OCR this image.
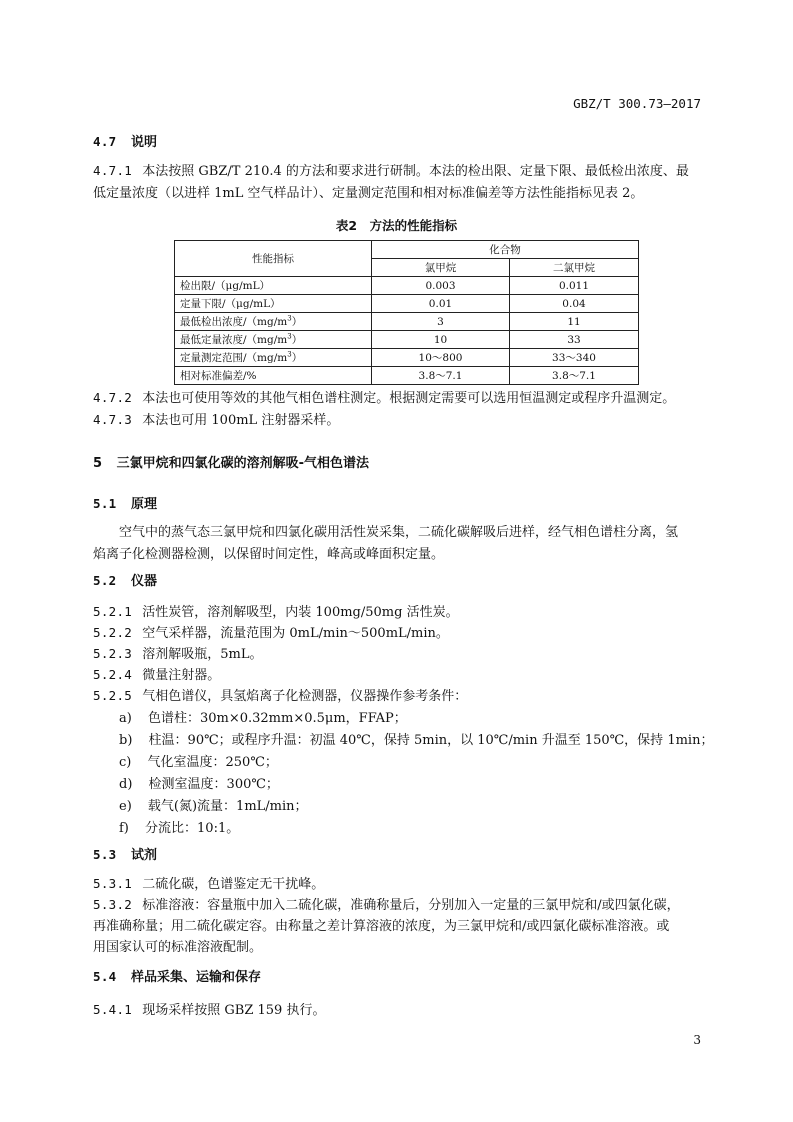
GBZ/T 300.73—2017
4.7 说明
4.7.1 本法按照 GBZ/T 210.4 的方法和要求进行研制。本法的检出限、定量下限、最低检出浓度、最
低定量浓度（以进样 1mL 空气样品计）、定量测定范围和相对标准偏差等方法性能指标见表 2。
表2　方法的性能指标
性能指标	化合物	
	氯甲烷	二氯甲烷
检出限/（μg/mL）	0.003	0.011
定量下限/（μg/mL）	0.01	0.04
最低检出浓度$/(mg/m^3)$	3	11
最低定量浓度$/(mg/m^3)$	10	33
定量测定范围$/(mg/m^3)$	10～800	33～340
相对标准偏差/%	3.8～7.1	3.8～7.1
4.7.2 本法也可使用等效的其他气相色谱柱测定。根据测定需要可以选用恒温测定或程序升温测定。
4.7.3 本法也可用 100mL 注射器采样。
5 三氯甲烷和四氯化碳的溶剂解吸-气相色谱法
5.1 原理
空气中的蒸气态三氯甲烷和四氯化碳用活性炭采集，二硫化碳解吸后进样，经气相色谱柱分离，氢
焰离子化检测器检测，以保留时间定性，峰高或峰面积定量。
5.2 仪器
5.2.1 活性炭管，溶剂解吸型，内装 100mg/50mg 活性炭。
5.2.2 空气采样器，流量范围为 0mL/min～500mL/min。
5.2.3 溶剂解吸瓶，5mL。
5.2.4 微量注射器。
5.2.5 气相色谱仪，具氢焰离子化检测器，仪器操作参考条件：
a) 色谱柱：30m×0.32mm×0.5μm，FFAP；
b) 柱温：90℃；或程序升温：初温 40℃，保持 5min，以 10℃/min 升温至 150℃，保持 1min；
c) 气化室温度：250℃；
d) 检测室温度：300℃；
e) 载气(氮)流量：1mL/min；
f) 分流比：10:1。
5.3 试剂
5.3.1 二硫化碳，色谱鉴定无干扰峰。
5.3.2 标准溶液：容量瓶中加入二硫化碳，准确称量后，分别加入一定量的三氯甲烷和/或四氯化碳，
再准确称量；用二硫化碳定容。由称量之差计算溶液的浓度，为三氯甲烷和/或四氯化碳标准溶液。或
用国家认可的标准溶液配制。
5.4 样品采集、运输和保存
5.4.1 现场采样按照 GBZ 159 执行。
3
